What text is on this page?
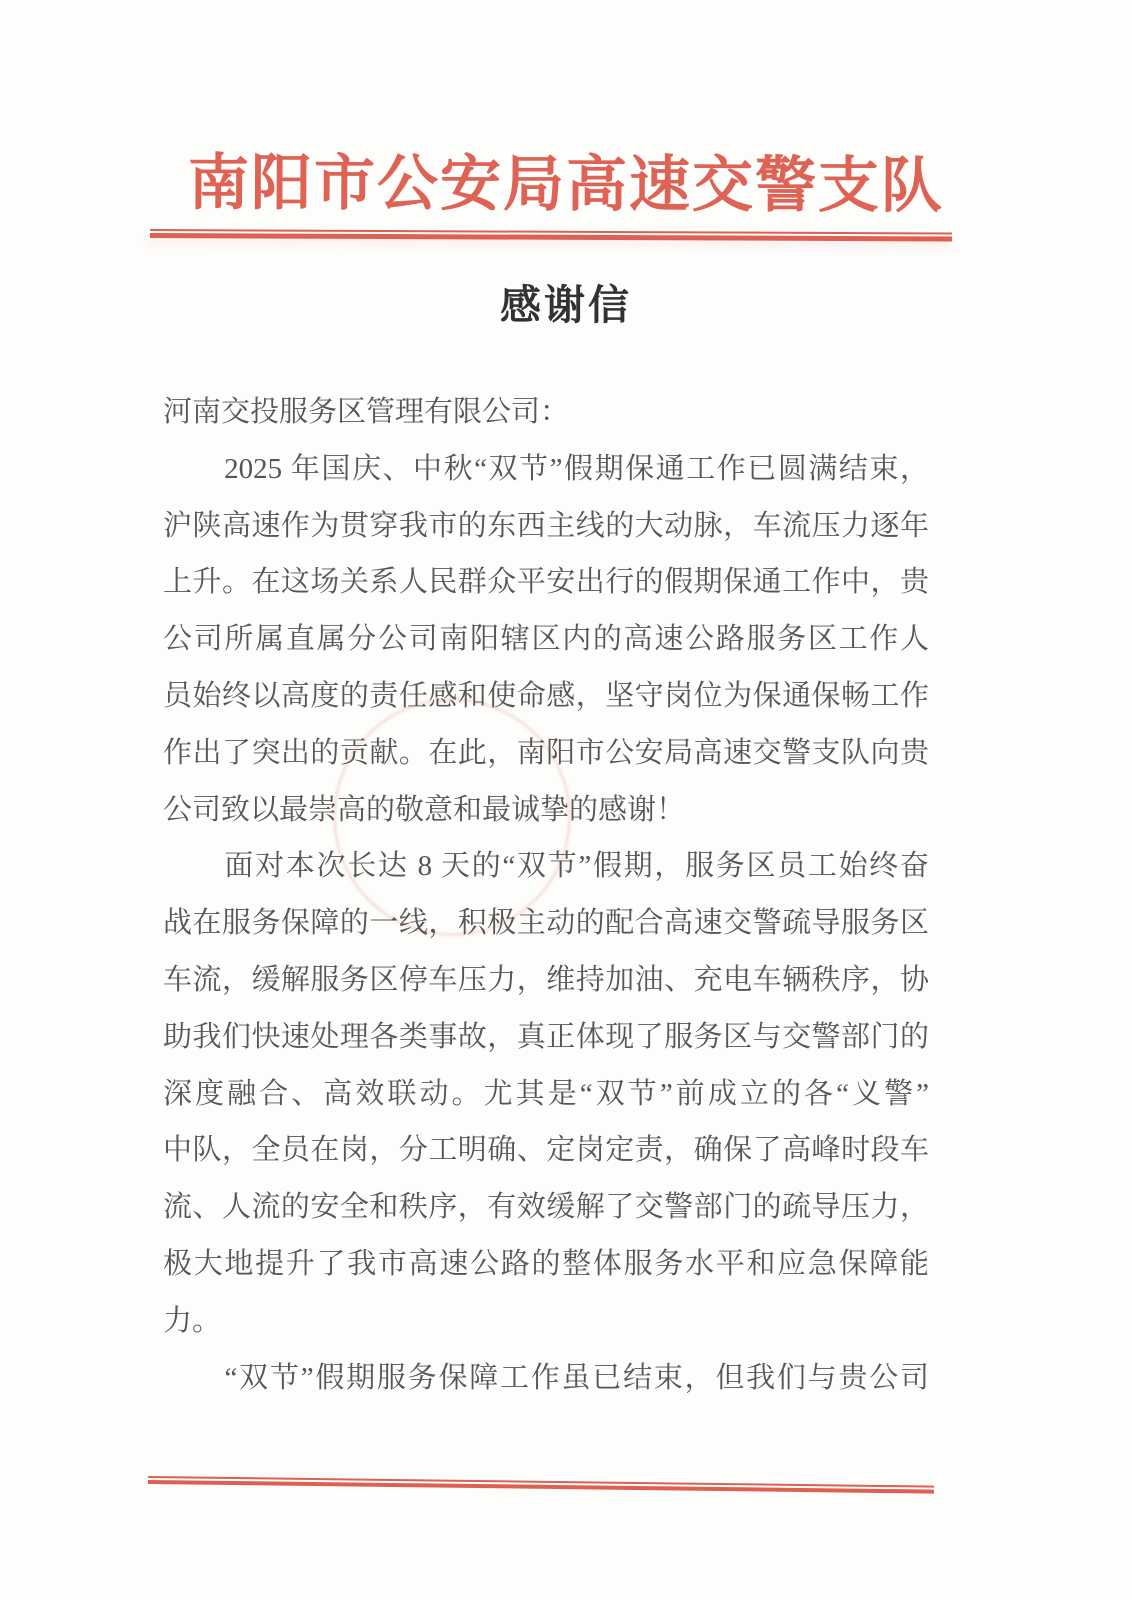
南阳市公安局高速交警支队
感谢信
河南交投服务区管理有限公司：
　　2025 年国庆、中秋“双节”假期保通工作已圆满结束，
沪陕高速作为贯穿我市的东西主线的大动脉，车流压力逐年
上升。在这场关系人民群众平安出行的假期保通工作中，贵
公司所属直属分公司南阳辖区内的高速公路服务区工作人
员始终以高度的责任感和使命感，坚守岗位为保通保畅工作
作出了突出的贡献。在此，南阳市公安局高速交警支队向贵
公司致以最崇高的敬意和最诚挚的感谢！
　　面对本次长达 8 天的“双节”假期，服务区员工始终奋
战在服务保障的一线，积极主动的配合高速交警疏导服务区
车流，缓解服务区停车压力，维持加油、充电车辆秩序，协
助我们快速处理各类事故，真正体现了服务区与交警部门的
深度融合、高效联动。尤其是“双节”前成立的各“义警”
中队，全员在岗，分工明确、定岗定责，确保了高峰时段车
流、人流的安全和秩序，有效缓解了交警部门的疏导压力，
极大地提升了我市高速公路的整体服务水平和应急保障能
力。
　　“双节”假期服务保障工作虽已结束，但我们与贵公司
